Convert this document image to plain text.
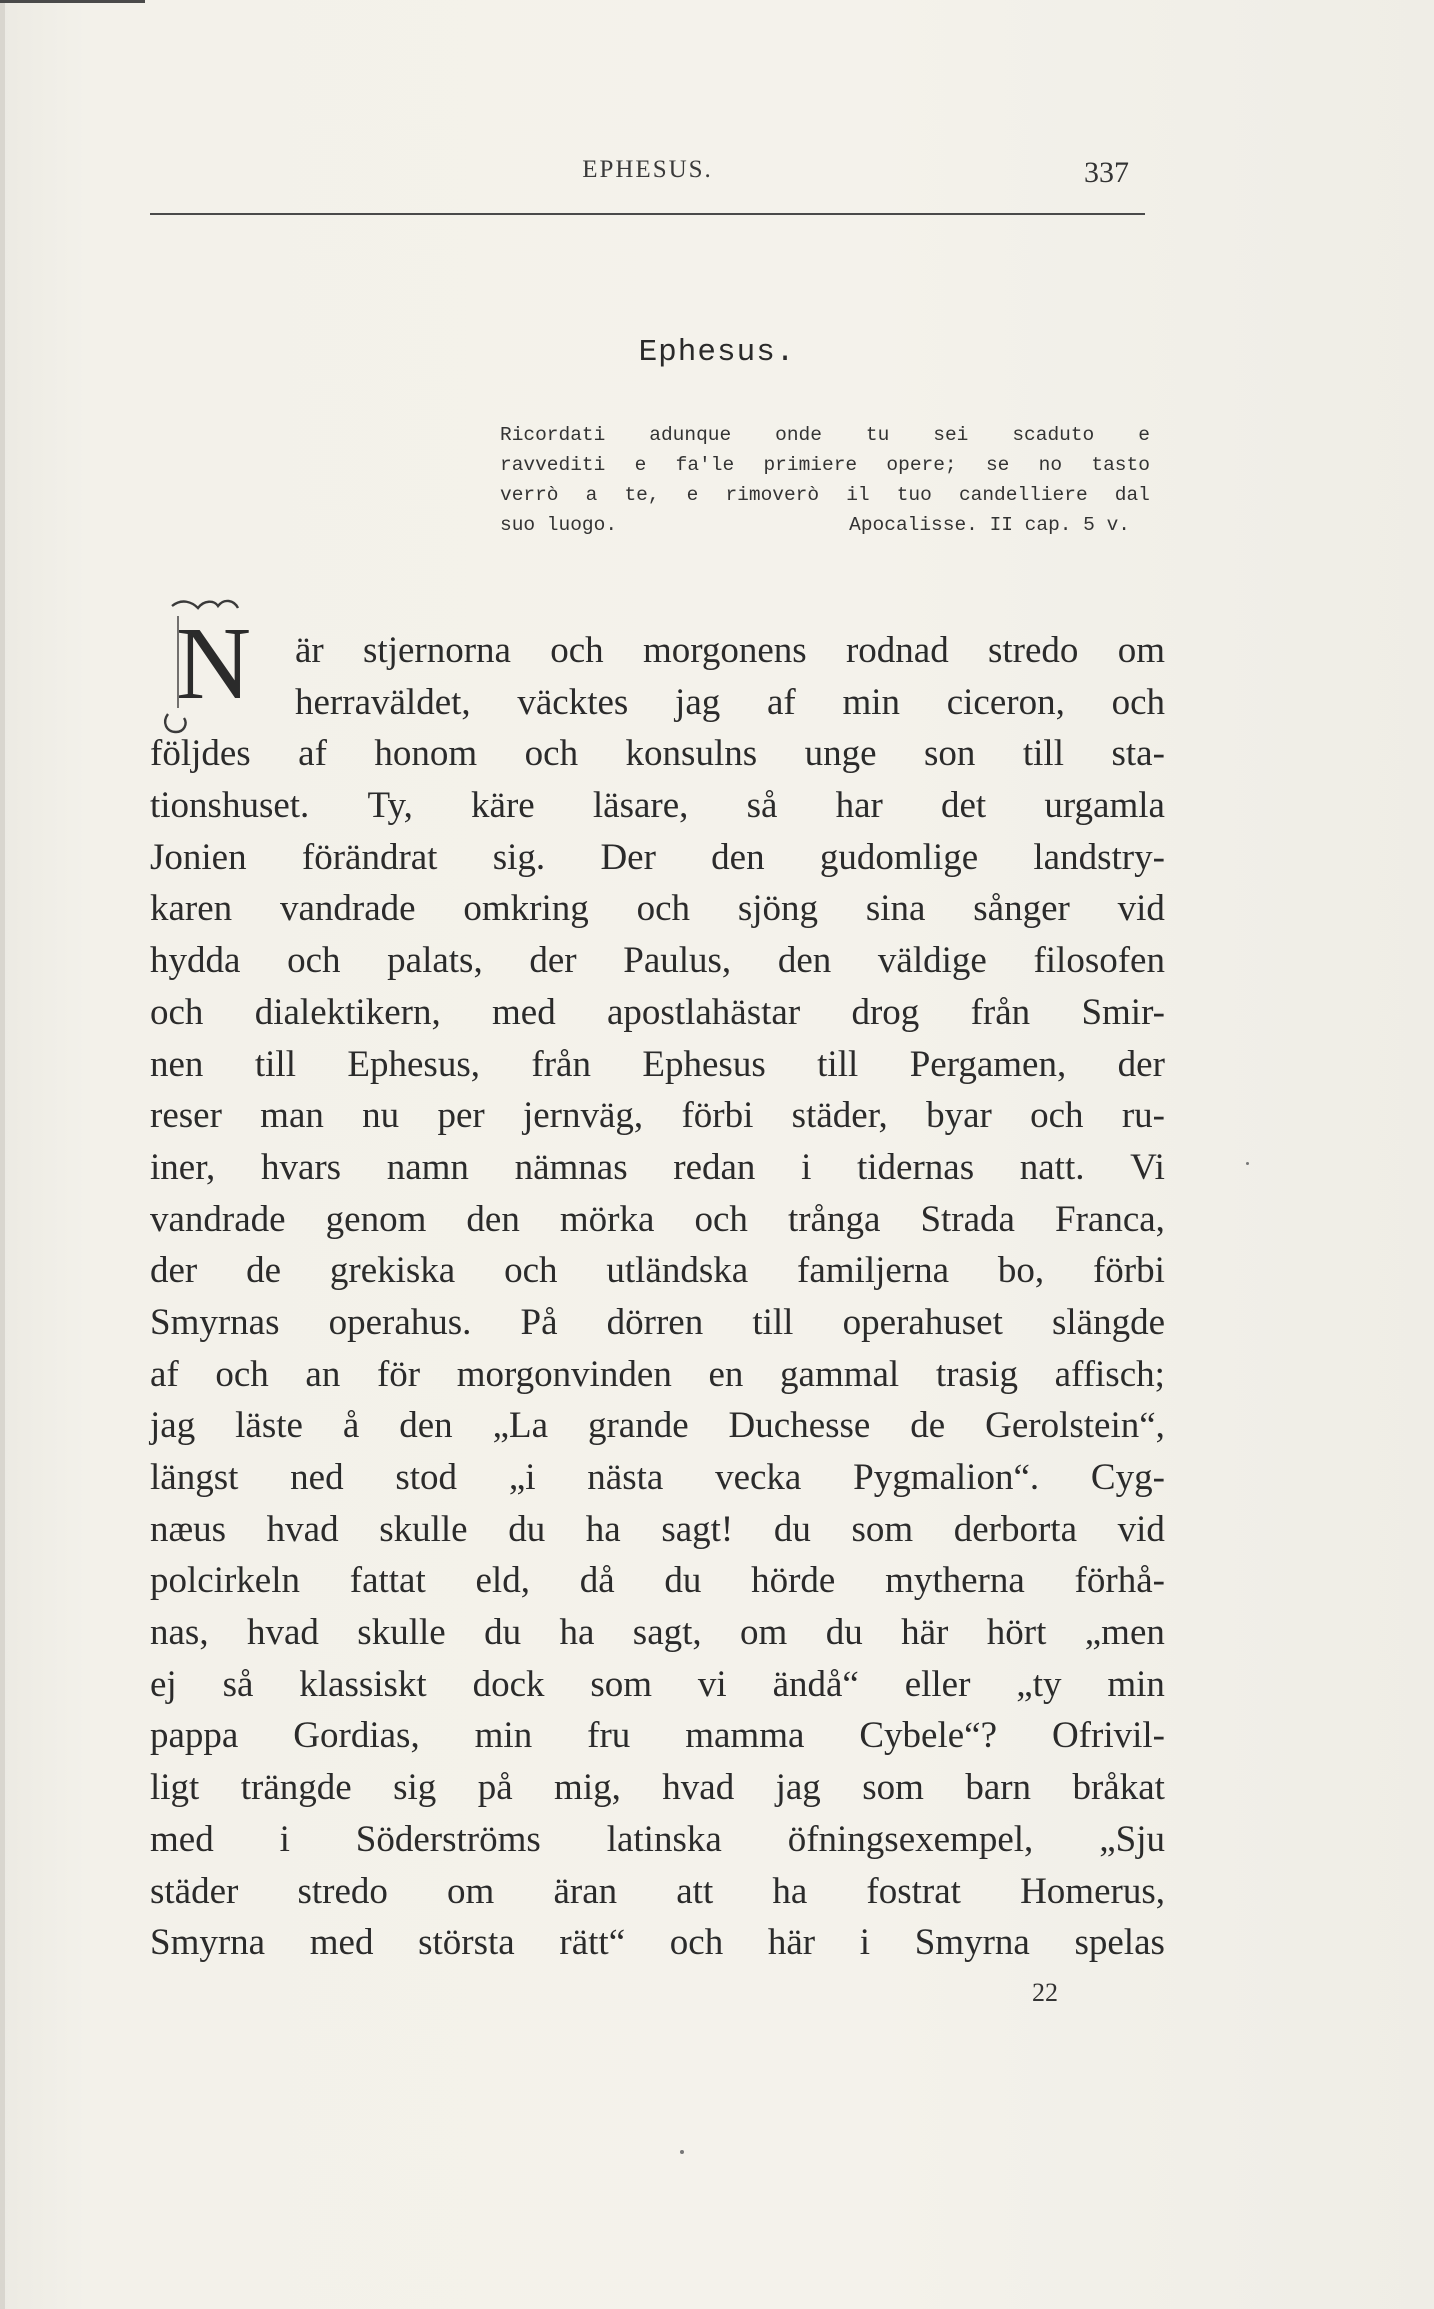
EPHESUS.	337
Ephesus.
Ricordati adunque onde tu sei scaduto e
ravvediti e fa'le primiere opere; se no tasto
verrò a te, e rimoverò il tuo candelliere dal
suo luogo.	Apocalisse. II cap. 5 v.
N är stjernorna och morgonens rodnad stredo om
herraväldet, väcktes jag af min ciceron, och
följdes af honom och konsulns unge son till sta-
tionshuset. Ty, käre läsare, så har det urgamla
Jonien förändrat sig. Der den gudomlige landstry-
karen vandrade omkring och sjöng sina sånger vid
hydda och palats, der Paulus, den väldige filosofen
och dialektikern, med apostlahästar drog från Smir-
nen till Ephesus, från Ephesus till Pergamen, der
reser man nu per jernväg, förbi städer, byar och ru-
iner, hvars namn nämnas redan i tidernas natt. Vi
vandrade genom den mörka och trånga Strada Franca,
der de grekiska och utländska familjerna bo, förbi
Smyrnas operahus. På dörren till operahuset slängde
af och an för morgonvinden en gammal trasig affisch;
jag läste å den „La grande Duchesse de Gerolstein“,
längst ned stod „i nästa vecka Pygmalion“. Cyg-
næus hvad skulle du ha sagt! du som derborta vid
polcirkeln fattat eld, då du hörde mytherna förhå-
nas, hvad skulle du ha sagt, om du här hört „men
ej så klassiskt dock som vi ändå“ eller „ty min
pappa Gordias, min fru mamma Cybele“? Ofrivil-
ligt trängde sig på mig, hvad jag som barn bråkat
med i Söderströms latinska öfningsexempel, „Sju
städer stredo om äran att ha fostrat Homerus,
Smyrna med största rätt“ och här i Smyrna spelas
22
